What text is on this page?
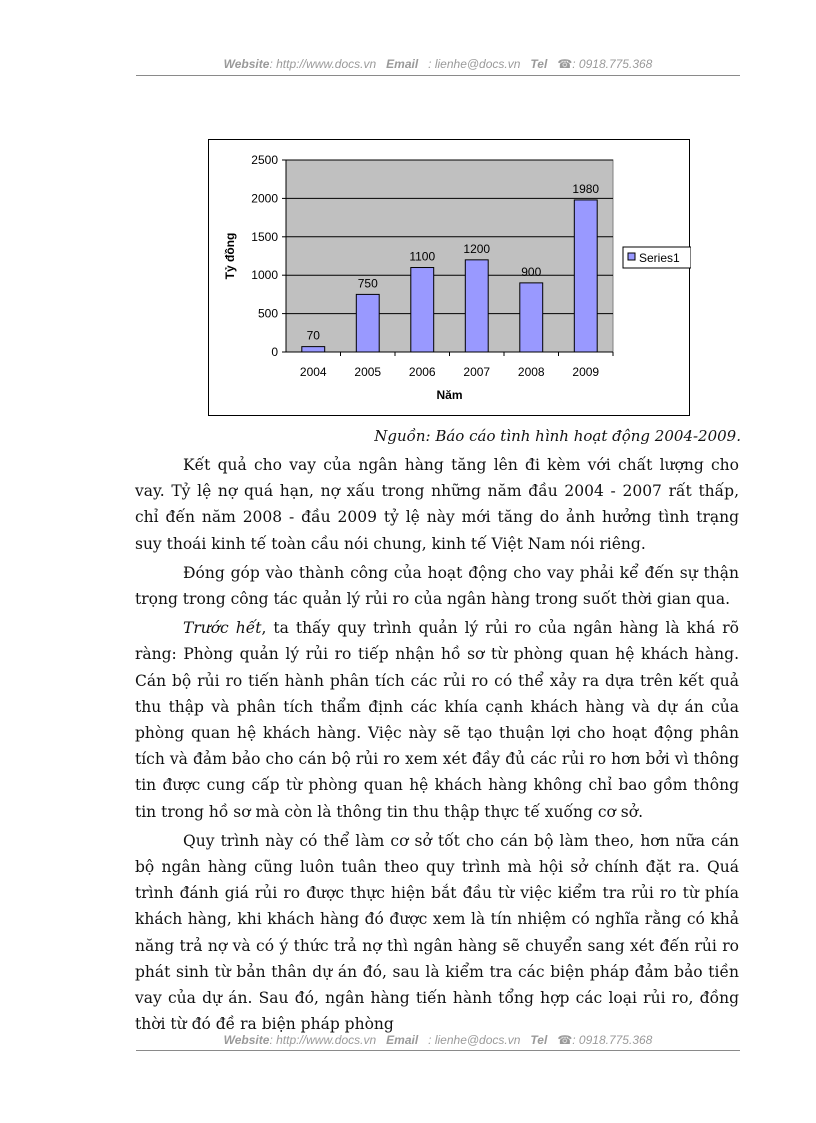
Website: http://www.docs.vn Email : lienhe@docs.vn Tel ☎: 0918.775.368
0
500
1000
1500
2000
2500
70
2004
750
2005
1100
2006
1200
2007
900
2008
1980
2009
Năm
Tỷ đồng	Series1
Nguồn: Báo cáo tình hình hoạt động 2004-2009.

Kết quả cho vay của ngân hàng tăng lên đi kèm với chất lượng cho vay. Tỷ lệ nợ quá hạn, nợ xấu trong những năm đầu 2004 - 2007 rất thấp, chỉ đến năm 2008 - đầu 2009 tỷ lệ này mới tăng do ảnh hưởng tình trạng suy thoái kinh tế toàn cầu nói chung, kinh tế Việt Nam nói riêng.

Đóng góp vào thành công của hoạt động cho vay phải kể đến sự thận trọng trong công tác quản lý rủi ro của ngân hàng trong suốt thời gian qua.

Trước hết, ta thấy quy trình quản lý rủi ro của ngân hàng là khá rõ ràng: Phòng quản lý rủi ro tiếp nhận hồ sơ từ phòng quan hệ khách hàng. Cán bộ rủi ro tiến hành phân tích các rủi ro có thể xảy ra dựa trên kết quả thu thập và phân tích thẩm định các khía cạnh khách hàng và dự án của phòng quan hệ khách hàng. Việc này sẽ tạo thuận lợi cho hoạt động phân tích và đảm bảo cho cán bộ rủi ro xem xét đầy đủ các rủi ro hơn bởi vì thông tin được cung cấp từ phòng quan hệ khách hàng không chỉ bao gồm thông tin trong hồ sơ mà còn là thông tin thu thập thực tế xuống cơ sở.

Quy trình này có thể làm cơ sở tốt cho cán bộ làm theo, hơn nữa cán bộ ngân hàng cũng luôn tuân theo quy trình mà hội sở chính đặt ra. Quá trình đánh giá rủi ro được thực hiện bắt đầu từ việc kiểm tra rủi ro từ phía khách hàng, khi khách hàng đó được xem là tín nhiệm có nghĩa rằng có khả năng trả nợ và có ý thức trả nợ thì ngân hàng sẽ chuyển sang xét đến rủi ro phát sinh từ bản thân dự án đó, sau là kiểm tra các biện pháp đảm bảo tiền vay của dự án. Sau đó, ngân hàng tiến hành tổng hợp các loại rủi ro, đồng thời từ đó đề ra biện pháp phòng

Website: http://www.docs.vn Email : lienhe@docs.vn Tel ☎: 0918.775.368
